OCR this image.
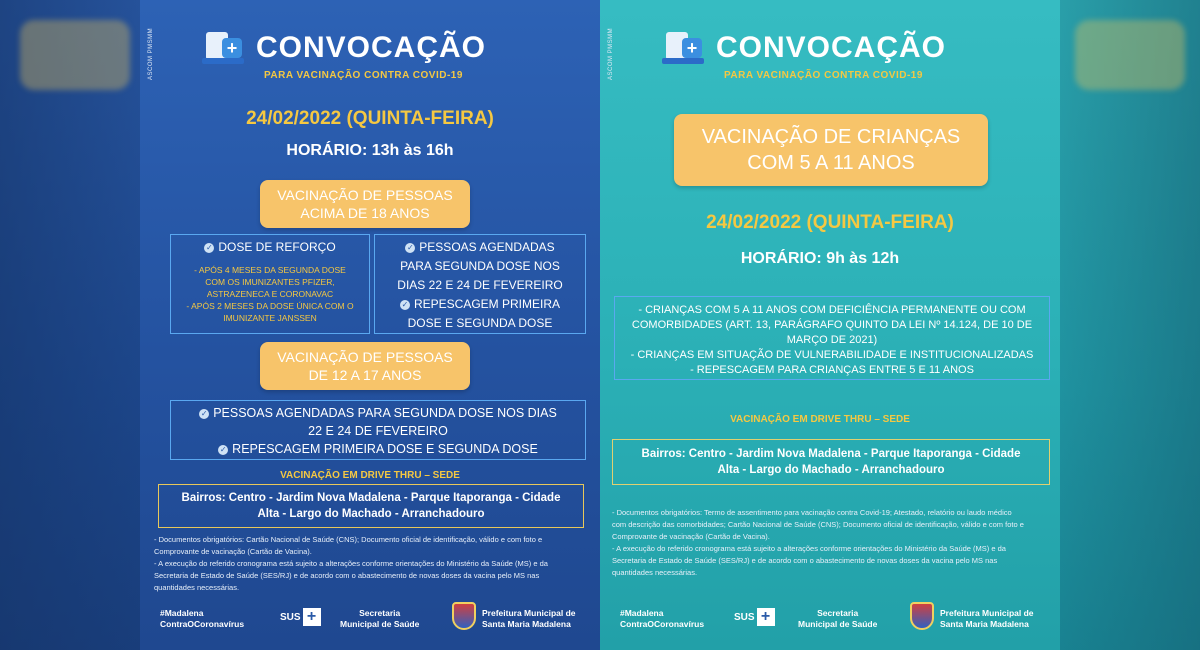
ASCOM PMSMM	+ CONVOCAÇÃO
PARA VACINAÇÃO CONTRA COVID-19
24/02/2022 (QUINTA-FEIRA)
HORÁRIO: 13h às 16h
VACINAÇÃO DE PESSOAS
ACIMA DE 18 ANOS
✓ DOSE DE REFORÇO
- APÓS 4 MESES DA SEGUNDA DOSE
COM OS IMUNIZANTES PFIZER,
ASTRAZENECA E CORONAVAC
- APÓS 2 MESES DA DOSE ÚNICA COM O
IMUNIZANTE JANSSEN
✓ PESSOAS AGENDADAS
PARA SEGUNDA DOSE NOS
DIAS 22 E 24 DE FEVEREIRO
✓ REPESCAGEM PRIMEIRA
DOSE E SEGUNDA DOSE
VACINAÇÃO DE PESSOAS
DE 12 A 17 ANOS
✓ PESSOAS AGENDADAS PARA SEGUNDA DOSE NOS DIAS
22 E 24 DE FEVEREIRO
✓ REPESCAGEM PRIMEIRA DOSE E SEGUNDA DOSE
VACINAÇÃO EM DRIVE THRU – SEDE
Bairros: Centro - Jardim Nova Madalena - Parque Itaporanga - Cidade
Alta - Largo do Machado - Arranchadouro
- Documentos obrigatórios: Cartão Nacional de Saúde (CNS); Documento oficial de identificação, válido e com foto e
Comprovante de vacinação (Cartão de Vacina).
- A execução do referido cronograma está sujeito a alterações conforme orientações do Ministério da Saúde (MS) e da
Secretaria de Estado de Saúde (SES/RJ) e de acordo com o abastecimento de novas doses da vacina pelo MS nas
quantidades necessárias.
#Madalena
ContraOCoronavírus
SUS +	Secretaria
Municipal de Saúde
Prefeitura Municipal de
Santa Maria Madalena
ASCOM PMSMM	+ CONVOCAÇÃO
PARA VACINAÇÃO CONTRA COVID-19
VACINAÇÃO DE CRIANÇAS
COM 5 A 11 ANOS
24/02/2022 (QUINTA-FEIRA)
HORÁRIO: 9h às 12h
- CRIANÇAS COM 5 A 11 ANOS COM DEFICIÊNCIA PERMANENTE OU COM
COMORBIDADES (ART. 13, PARÁGRAFO QUINTO DA LEI Nº 14.124, DE 10 DE
MARÇO DE 2021)
- CRIANÇAS EM SITUAÇÃO DE VULNERABILIDADE E INSTITUCIONALIZADAS
- REPESCAGEM PARA CRIANÇAS ENTRE 5 E 11 ANOS
VACINAÇÃO EM DRIVE THRU – SEDE
Bairros: Centro - Jardim Nova Madalena - Parque Itaporanga - Cidade
Alta - Largo do Machado - Arranchadouro
- Documentos obrigatórios: Termo de assentimento para vacinação contra Covid-19; Atestado, relatório ou laudo médico
com descrição das comorbidades; Cartão Nacional de Saúde (CNS); Documento oficial de identificação, válido e com foto e
Comprovante de vacinação (Cartão de Vacina).
- A execução do referido cronograma está sujeito a alterações conforme orientações do Ministério da Saúde (MS) e da
Secretaria de Estado de Saúde (SES/RJ) e de acordo com o abastecimento de novas doses da vacina pelo MS nas
quantidades necessárias.
#Madalena
ContraOCoronavírus
SUS +	Secretaria
Municipal de Saúde
Prefeitura Municipal de
Santa Maria Madalena
